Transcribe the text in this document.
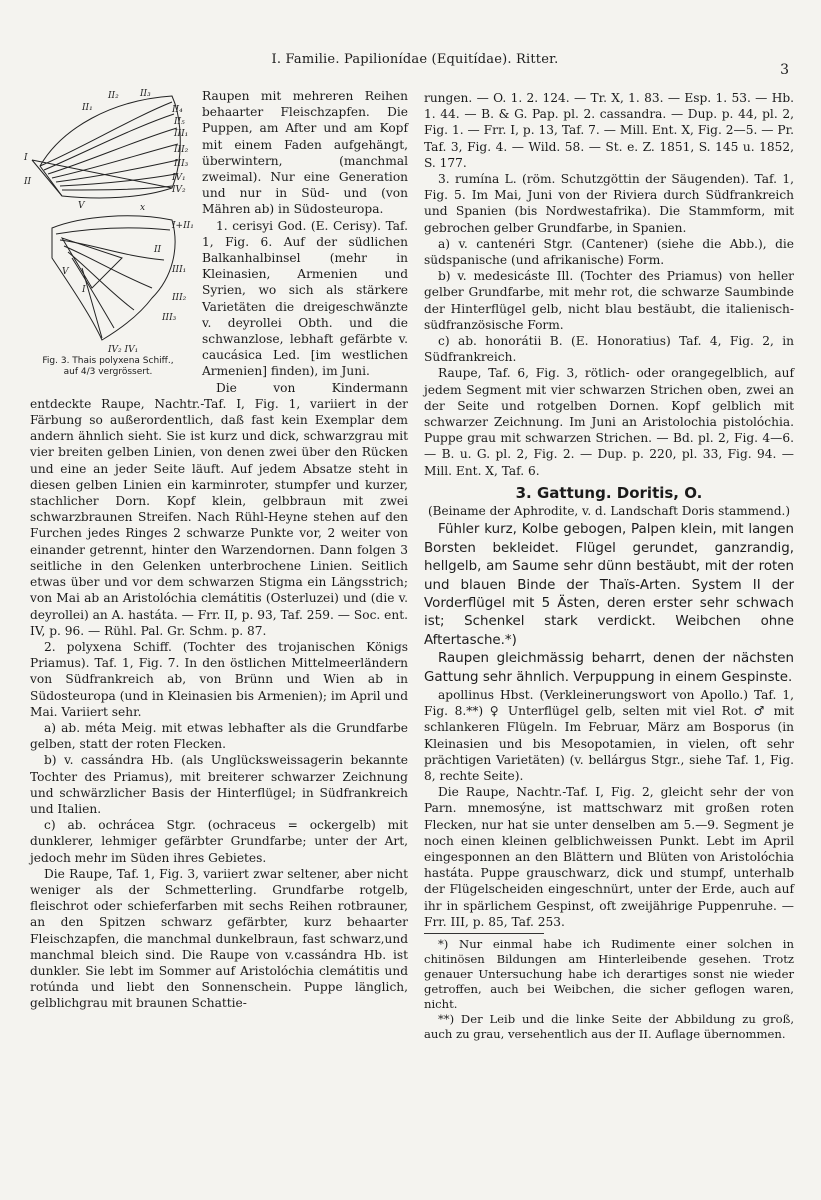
I. Familie. Papilionídae (Equitídae). Ritter.
3
II₂ II₃
II₁	II₄
II₅
III₁
III₂
III₃
IV₁
IV₂
I
II
V	x
I+II₁
II
III₁
III₂
III₃
IV₂ IV₁
I
V
Fig. 3. Thais polyxena Schiff.,
auf 4/3 vergrössert.

Raupen mit mehreren Reihen behaarter Fleischzapfen. Die Puppen, am After und am Kopf mit einem Faden aufgehängt, überwintern, (manchmal zweimal). Nur eine Generation und nur in Süd- und (von Mähren ab) in Südosteuropa.

1. cerisyi God. (E. Cerisy). Taf. 1, Fig. 6. Auf der südlichen Balkanhalbinsel (mehr in Kleinasien, Armenien und Syrien, wo sich als stärkere Varietäten die dreigeschwänzte v. deyrollei Obth. und die schwanzlose, lebhaft gefärbte v. caucásica Led. [im westlichen Armenien] finden), im Juni.

Die von Kindermann entdeckte Raupe, Nachtr.-Taf. I, Fig. 1, variiert in der Färbung so außerordentlich, daß fast kein Exemplar dem andern ähnlich sieht. Sie ist kurz und dick, schwarzgrau mit vier breiten gelben Linien, von denen zwei über den Rücken und eine an jeder Seite läuft. Auf jedem Absatze steht in diesen gelben Linien ein karminroter, stumpfer und kurzer, stachlicher Dorn. Kopf klein, gelbbraun mit zwei schwarzbraunen Streifen. Nach Rühl-Heyne stehen auf den Furchen jedes Ringes 2 schwarze Punkte vor, 2 weiter von einander getrennt, hinter den Warzendornen. Dann folgen 3 seitliche in den Gelenken unterbrochene Linien. Seitlich etwas über und vor dem schwarzen Stigma ein Längsstrich; von Mai ab an Aristolóchia clemátitis (Osterluzei) und (die v. deyrollei) an A. hastáta. — Frr. II, p. 93, Taf. 259. — Soc. ent. IV, p. 96. — Rühl. Pal. Gr. Schm. p. 87.

2. polyxena Schiff. (Tochter des trojanischen Königs Priamus). Taf. 1, Fig. 7. In den östlichen Mittelmeerländern von Südfrankreich ab, von Brünn und Wien ab in Südosteuropa (und in Kleinasien bis Armenien); im April und Mai. Variiert sehr.

a) ab. méta Meig. mit etwas lebhafter als die Grundfarbe gelben, statt der roten Flecken.

b) v. cassándra Hb. (als Unglücksweissagerin bekannte Tochter des Priamus), mit breiterer schwarzer Zeichnung und schwärzlicher Basis der Hinterflügel; in Südfrankreich und Italien.

c) ab. ochrácea Stgr. (ochraceus = ockergelb) mit dunklerer, lehmiger gefärbter Grundfarbe; unter der Art, jedoch mehr im Süden ihres Gebietes.

Die Raupe, Taf. 1, Fig. 3, variiert zwar seltener, aber nicht weniger als der Schmetterling. Grundfarbe rotgelb, fleischrot oder schieferfarben mit sechs Reihen rotbrauner, an den Spitzen schwarz gefärbter, kurz behaarter Fleischzapfen, die manchmal dunkelbraun, fast schwarz,und manchmal bleich sind. Die Raupe von v.cassándra Hb. ist dunkler. Sie lebt im Sommer auf Aristolóchia clemátitis und rotúnda und liebt den Sonnenschein. Puppe länglich, gelblichgrau mit braunen Schattie-

rungen. — O. 1. 2. 124. — Tr. X, 1. 83. — Esp. 1. 53. — Hb. 1. 44. — B. & G. Pap. pl. 2. cassandra. — Dup. p. 44, pl. 2, Fig. 1. — Frr. I, p. 13, Taf. 7. — Mill. Ent. X, Fig. 2—5. — Pr. Taf. 3, Fig. 4. — Wild. 58. — St. e. Z. 1851, S. 145 u. 1852, S. 177.

3. rumína L. (röm. Schutzgöttin der Säugenden). Taf. 1, Fig. 5. Im Mai, Juni von der Riviera durch Südfrankreich und Spanien (bis Nordwestafrika). Die Stammform, mit gebrochen gelber Grundfarbe, in Spanien.

a) v. cantenéri Stgr. (Cantener) (siehe die Abb.), die südspanische (und afrikanische) Form.

b) v. medesicáste Ill. (Tochter des Priamus) von heller gelber Grundfarbe, mit mehr rot, die schwarze Saumbinde der Hinterflügel gelb, nicht blau bestäubt, die italienisch-südfranzösische Form.

c) ab. honorátii B. (E. Honoratius) Taf. 4, Fig. 2, in Südfrankreich.

Raupe, Taf. 6, Fig. 3, rötlich- oder orangegelblich, auf jedem Segment mit vier schwarzen Strichen oben, zwei an der Seite und rotgelben Dornen. Kopf gelblich mit schwarzer Zeichnung. Im Juni an Aristolochia pistolóchia. Puppe grau mit schwarzen Strichen. — Bd. pl. 2, Fig. 4—6. — B. u. G. pl. 2, Fig. 2. — Dup. p. 220, pl. 33, Fig. 94. — Mill. Ent. X, Taf. 6.

3. Gattung. Doritis, O.
(Beiname der Aphrodite, v. d. Landschaft Doris stammend.)

Fühler kurz, Kolbe gebogen, Palpen klein, mit langen Borsten bekleidet. Flügel gerundet, ganzrandig, hellgelb, am Saume sehr dünn bestäubt, mit der roten und blauen Binde der Thaïs-Arten. System II der Vorderflügel mit 5 Ästen, deren erster sehr schwach ist; Schenkel stark verdickt. Weibchen ohne Aftertasche.*)

Raupen gleichmässig beharrt, denen der nächsten Gattung sehr ähnlich. Verpuppung in einem Gespinste.

apollinus Hbst. (Verkleinerungswort von Apollo.) Taf. 1, Fig. 8.**) ♀ Unterflügel gelb, selten mit viel Rot. ♂ mit schlankeren Flügeln. Im Februar, März am Bosporus (in Kleinasien und bis Mesopotamien, in vielen, oft sehr prächtigen Varietäten) (v. bellárgus Stgr., siehe Taf. 1, Fig. 8, rechte Seite).

Die Raupe, Nachtr.-Taf. I, Fig. 2, gleicht sehr der von Parn. mnemosýne, ist mattschwarz mit großen roten Flecken, nur hat sie unter denselben am 5.—9. Segment je noch einen kleinen gelblichweissen Punkt. Lebt im April eingesponnen an den Blättern und Blüten von Aristolóchia hastáta. Puppe grauschwarz, dick und stumpf, unterhalb der Flügelscheiden eingeschnürt, unter der Erde, auch auf ihr in spärlichem Gespinst, oft zweijährige Puppenruhe. — Frr. III, p. 85, Taf. 253.

*) Nur einmal habe ich Rudimente einer solchen in chitinösen Bildungen am Hinterleibende gesehen. Trotz genauer Untersuchung habe ich derartiges sonst nie wieder getroffen, auch bei Weibchen, die sicher geflogen waren, nicht.

**) Der Leib und die linke Seite der Abbildung zu groß, auch zu grau, versehentlich aus der II. Auflage übernommen.
